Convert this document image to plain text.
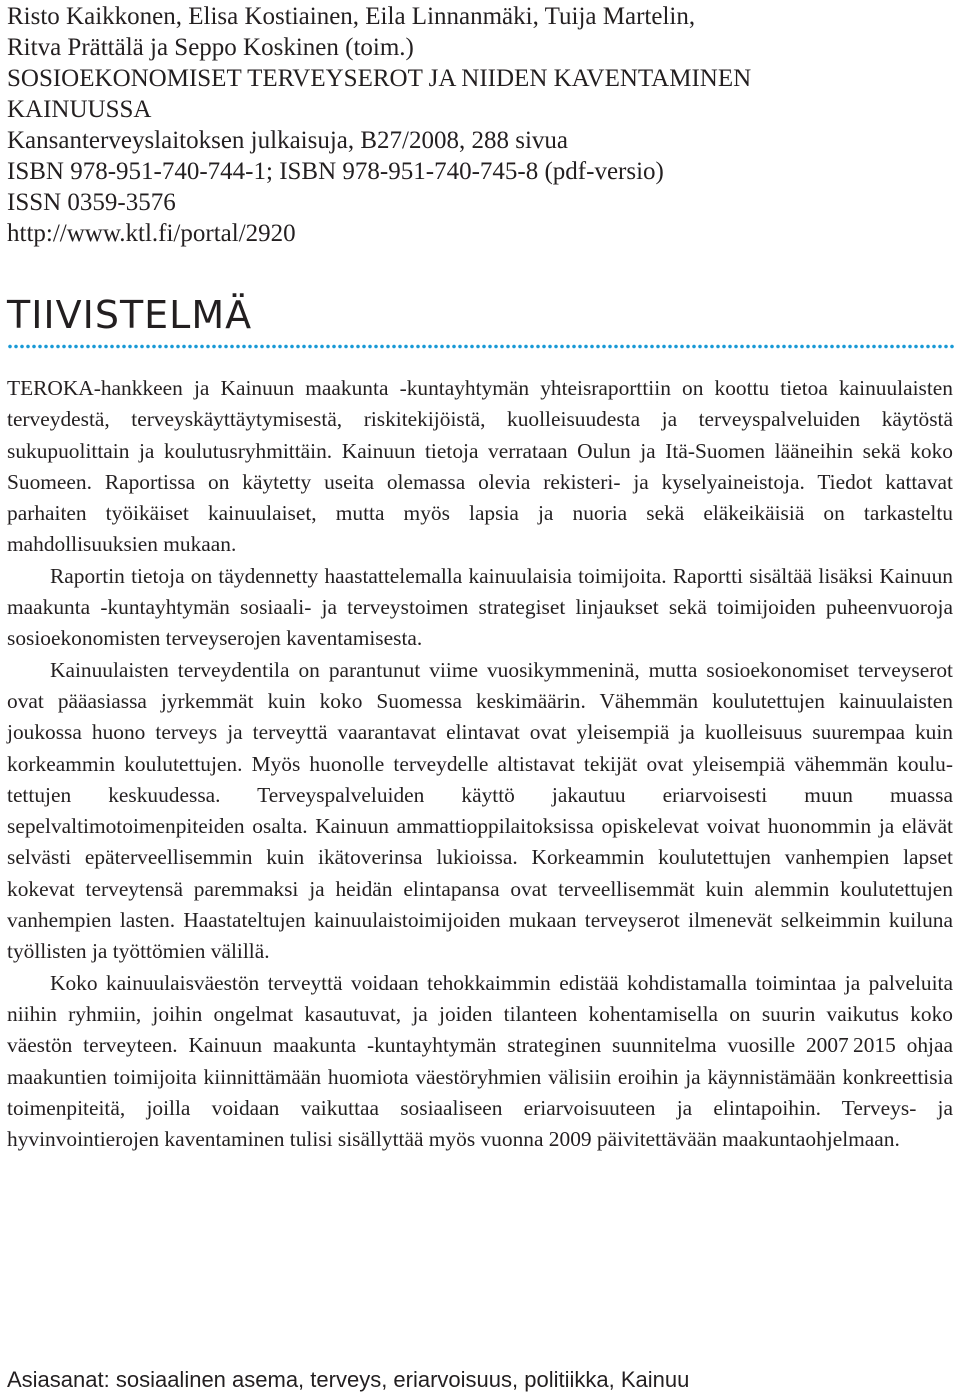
Risto Kaikkonen, Elisa Kostiainen, Eila Linnanmäki, Tuija Martelin,
Ritva Prättälä ja Seppo Koskinen (toim.)
SOSIOEKONOMISET TERVEYSEROT JA NIIDEN KAVENTAMINEN
KAINUUSSA
Kansanterveyslaitoksen julkaisuja, B27/2008, 288 sivua
ISBN 978-951-740-744-1; ISBN 978-951-740-745-8 (pdf-versio)
ISSN 0359-3576
http://www.ktl.fi/portal/2920
TIIVISTELMÄ

TEROKA-hankkeen ja Kainuun maakunta -kuntayhtymän yhteisraporttiin on koottu tietoa kainuulaisten terveydestä, terveyskäyttäytymisestä, riskitekijöistä, kuolleisuudesta ja terveyspalveluiden käytöstä sukupuolittain ja koulutusryhmittäin. Kainuun tietoja verrataan Oulun ja Itä-Suomen lääneihin sekä koko Suomeen. Raportissa on käytetty useita olemassa olevia rekisteri- ja kyselyaineistoja. Tiedot kattavat parhaiten työikäiset kainuulaiset, mutta myös lapsia ja nuoria sekä eläkeikäisiä on tarkasteltu mahdollisuuksien mukaan.

Raportin tietoja on täydennetty haastattelemalla kainuulaisia toimijoita. Raportti sisältää lisäksi Kainuun maakunta -kuntayhtymän sosiaali- ja terveystoimen strategiset linjaukset sekä toimijoiden puheenvuoroja sosioekonomisten terveyserojen kaventamisesta.

Kainuulaisten terveydentila on parantunut viime vuosikymmeninä, mutta sosioekonomiset terveyserot ovat pääasiassa jyrkemmät kuin koko Suomessa keskimäärin. Vähemmän koulutettujen kainuulaisten joukossa huono terveys ja terveyttä vaarantavat elintavat ovat yleisempiä ja kuolleisuus suurempaa kuin korkeammin koulutettujen. Myös huonolle terveydelle altistavat tekijät ovat yleisempiä vähemmän koulutettujen keskuudessa. Terveyspalveluiden käyttö jakautuu eriarvoisesti muun muassa sepelvaltimotoimenpiteiden osalta. Kainuun ammattioppilaitoksissa opiskelevat voivat huonommin ja elävät selvästi epäterveellisemmin kuin ikätoverinsa lukioissa. Korkeammin koulutettujen vanhempien lapset kokevat terveytensä paremmaksi ja heidän elintapansa ovat terveellisemmät kuin alemmin koulutettujen vanhempien lasten. Haastateltujen kainuulaistoimijoiden mukaan terveyserot ilmenevät selkeimmin kuiluna työllisten ja työttömien välillä.

Koko kainuulaisväestön terveyttä voidaan tehokkaimmin edistää kohdistamalla toimintaa ja palveluita niihin ryhmiin, joihin ongelmat kasautuvat, ja joiden tilanteen kohentamisella on suurin vaikutus koko väestön terveyteen. Kainuun maakunta -kuntayhtymän strateginen suunnitelma vuosille 2007 2015 ohjaa maakuntien toimijoita kiinnittämään huomiota väestöryhmien välisiin eroihin ja käynnistämään konkreettisia toimenpiteitä, joilla voidaan vaikuttaa sosiaaliseen eriarvoisuuteen ja elintapoihin. Terveys- ja hyvinvointierojen kaventaminen tulisi sisällyttää myös vuonna 2009 päivitettävään maakuntaohjelmaan.

Asiasanat: sosiaalinen asema, terveys, eriarvoisuus, politiikka, Kainuu
